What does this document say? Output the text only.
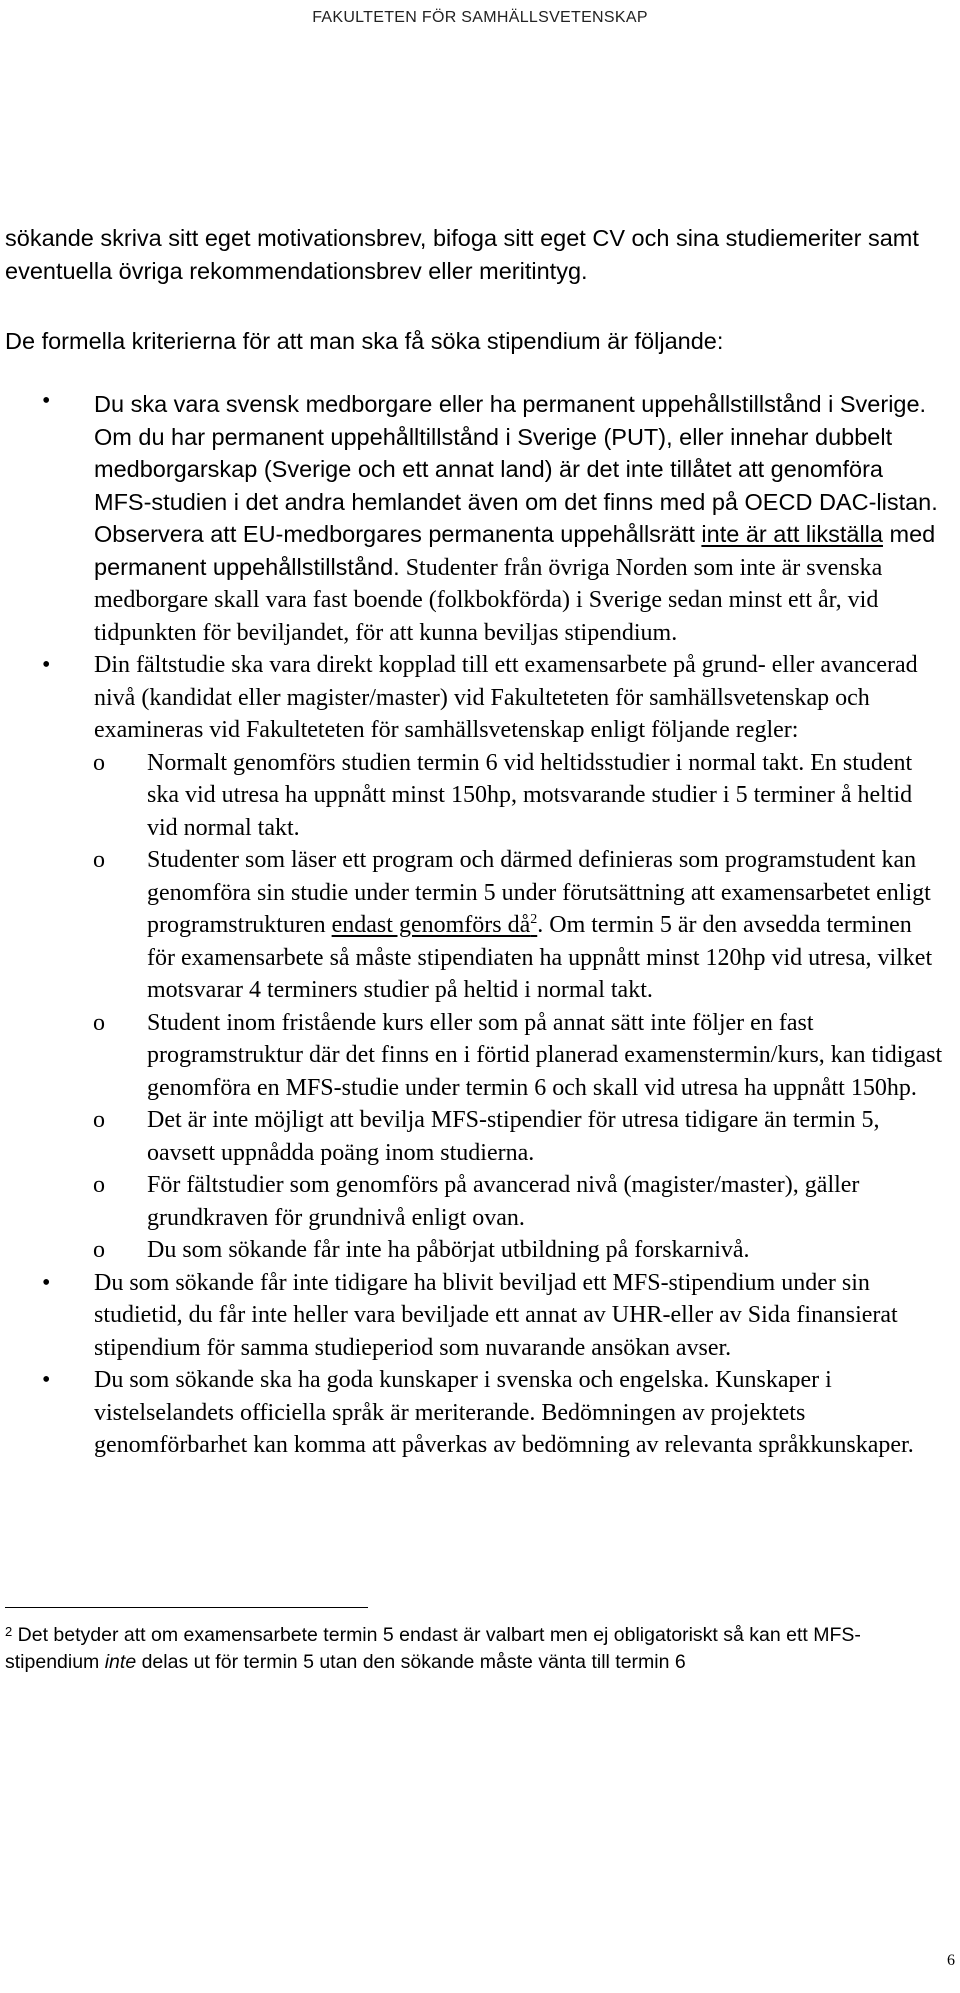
FAKULTETEN FÖR SAMHÄLLSVETENSKAP

sökande skriva sitt eget motivationsbrev, bifoga sitt eget CV och sina studiemeriter samt eventuella övriga rekommendationsbrev eller meritintyg.

De formella kriterierna för att man ska få söka stipendium är följande:

• Du ska vara svensk medborgare eller ha permanent uppehållstillstånd i Sverige. Om du har permanent uppehålltillstånd i Sverige (PUT), eller innehar dubbelt medborgarskap (Sverige och ett annat land) är det inte tillåtet att genomföra MFS-studien i det andra hemlandet även om det finns med på OECD DAC-listan. Observera att EU-medborgares permanenta uppehållsrätt inte är att likställa med permanent uppehållstillstånd. Studenter från övriga Norden som inte är svenska medborgare skall vara fast boende (folkbokförda) i Sverige sedan minst ett år, vid tidpunkten för beviljandet, för att kunna beviljas stipendium.
• Din fältstudie ska vara direkt kopplad till ett examensarbete på grund- eller avancerad nivå (kandidat eller magister/master) vid Fakulteteten för samhällsvetenskap och examineras vid Fakulteteten för samhällsvetenskap enligt följande regler:
o Normalt genomförs studien termin 6 vid heltidsstudier i normal takt. En student ska vid utresa ha uppnått minst 150hp, motsvarande studier i 5 terminer å heltid vid normal takt.
o Studenter som läser ett program och därmed definieras som programstudent kan genomföra sin studie under termin 5 under förutsättning att examensarbetet enligt programstrukturen endast genomförs $då^2$. Om termin 5 är den avsedda terminen för examensarbete så måste stipendiaten ha uppnått minst 120hp vid utresa, vilket motsvarar 4 terminers studier på heltid i normal takt.
o Student inom fristående kurs eller som på annat sätt inte följer en fast programstruktur där det finns en i förtid planerad examenstermin/kurs, kan tidigast genomföra en MFS-studie under termin 6 och skall vid utresa ha uppnått 150hp.
o Det är inte möjligt att bevilja MFS-stipendier för utresa tidigare än termin 5, oavsett uppnådda poäng inom studierna.
o För fältstudier som genomförs på avancerad nivå (magister/master), gäller grundkraven för grundnivå enligt ovan.
o Du som sökande får inte ha påbörjat utbildning på forskarnivå.
• Du som sökande får inte tidigare ha blivit beviljad ett MFS-stipendium under sin studietid, du får inte heller vara beviljade ett annat av UHR-eller av Sida finansierat stipendium för samma studieperiod som nuvarande ansökan avser.
• Du som sökande ska ha goda kunskaper i svenska och engelska. Kunskaper i vistelselandets officiella språk är meriterande. Bedömningen av projektets genomförbarhet kan komma att påverkas av bedömning av relevanta språkkunskaper.

$^2$ Det betyder att om examensarbete termin 5 endast är valbart men ej obligatoriskt så kan ett MFS-stipendium inte delas ut för termin 5 utan den sökande måste vänta till termin 6

6
